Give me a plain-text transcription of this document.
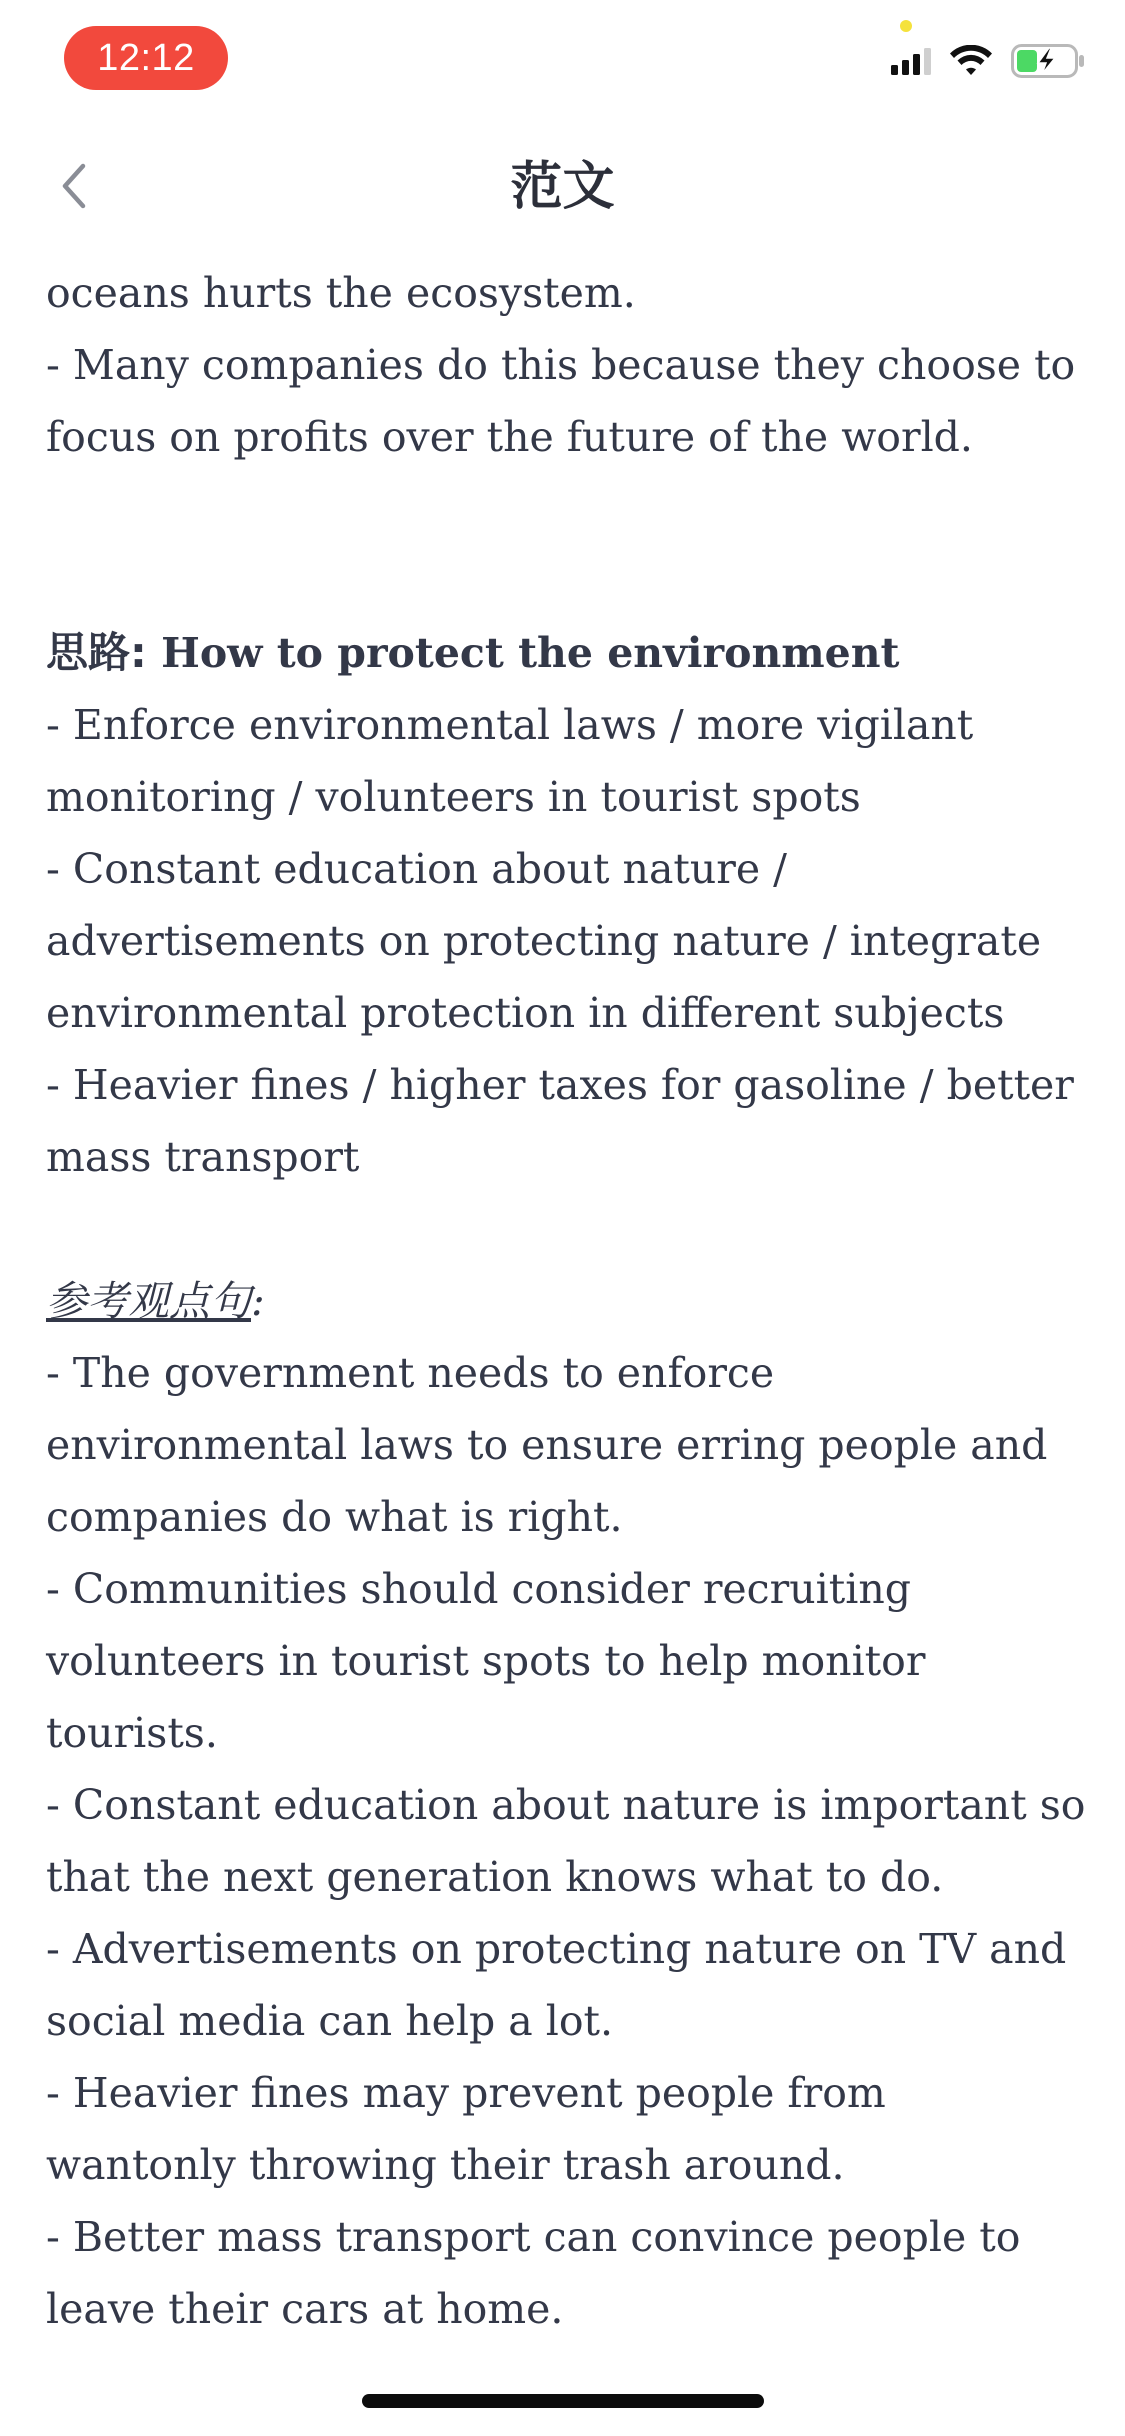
12:12
范文

oceans hurts the ecosystem.

- Many companies do this because they choose to focus on profits over the future of the world.

思路: How to protect the environment

- Enforce environmental laws / more vigilant monitoring / volunteers in tourist spots

- Constant education about nature / advertisements on protecting nature / integrate environmental protection in different subjects

- Heavier fines / higher taxes for gasoline / better mass transport

参考观点句:

- The government needs to enforce environmental laws to ensure erring people and companies do what is right.

- Communities should consider recruiting volunteers in tourist spots to help monitor tourists.

- Constant education about nature is important so that the next generation knows what to do.

- Advertisements on protecting nature on TV and social media can help a lot.

- Heavier fines may prevent people from wantonly throwing their trash around.

- Better mass transport can convince people to leave their cars at home.
